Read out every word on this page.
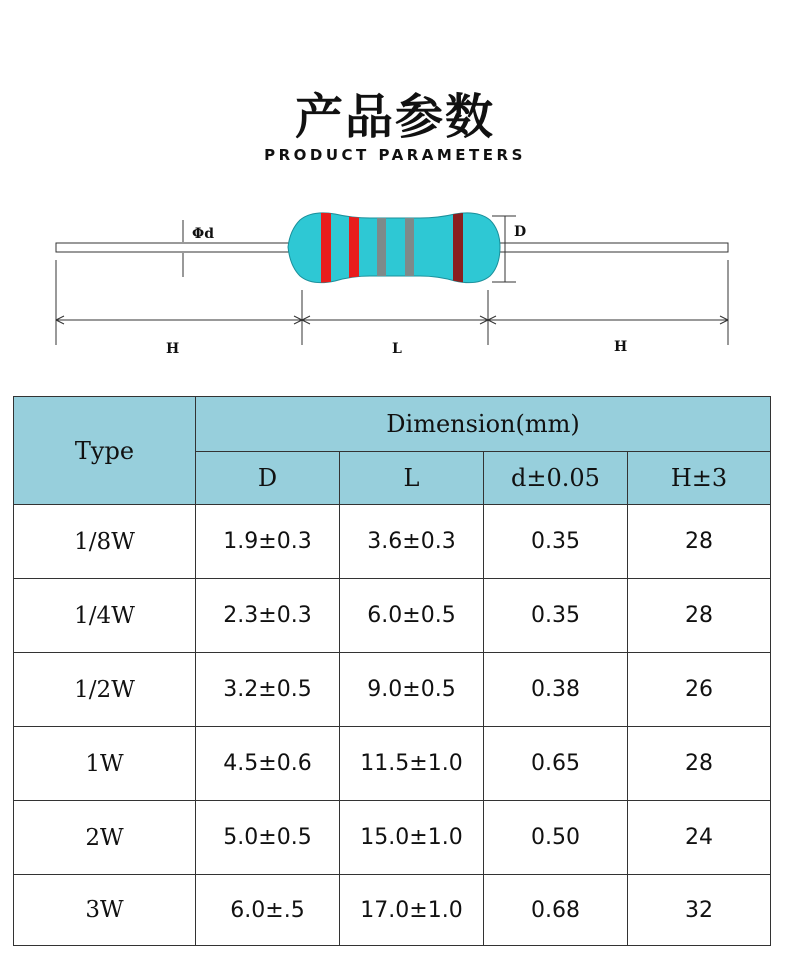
产品参数
PRODUCT PARAMETERS
Φd	D
H	L	H
Type	Dimension(mm)			
	D	L	d±0.05	H±3
1/8W	1.9±0.3	3.6±0.3	0.35	28
1/4W	2.3±0.3	6.0±0.5	0.35	28
1/2W	3.2±0.5	9.0±0.5	0.38	26
1W	4.5±0.6	11.5±1.0	0.65	28
2W	5.0±0.5	15.0±1.0	0.50	24
3W	6.0±.5	17.0±1.0	0.68	32
